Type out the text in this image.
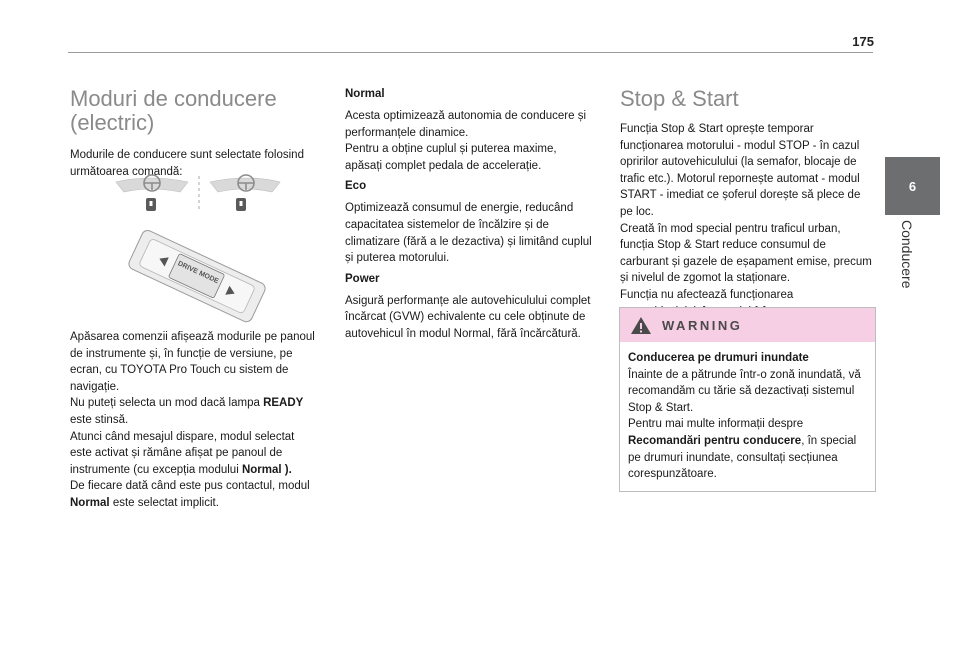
175
6
Conducere
Moduri de conducere (electric)

Modurile de conducere sunt selectate folosind următoarea comandă:

DRIVE MODE

Apăsarea comenzii afișează modurile pe panoul de instrumente și, în funcție de versiune, pe ecran, cu TOYOTA Pro Touch cu sistem de navigație.

Nu puteți selecta un mod dacă lampa READY este stinsă.

Atunci când mesajul dispare, modul selectat este activat și rămâne afișat pe panoul de instrumente (cu excepția modului Normal ).

De fiecare dată când este pus contactul, modul Normal este selectat implicit.

Normal

Acesta optimizează autonomia de conducere și performanțele dinamice.

Pentru a obține cuplul și puterea maxime, apăsați complet pedala de accelerație.

Eco

Optimizează consumul de energie, reducând capacitatea sistemelor de încălzire și de climatizare (fără a le dezactiva) și limitând cuplul și puterea motorului.

Power

Asigură performanțe ale autovehiculului complet încărcat (GVW) echivalente cu cele obținute de autovehicul în modul Normal, fără încărcătură.

Stop & Start

Funcția Stop & Start oprește temporar funcționarea motorului - modul STOP - în cazul opririlor autovehiculului (la semafor, blocaje de trafic etc.). Motorul repornește automat - modul START - imediat ce șoferul dorește să plece de pe loc.

Creată în mod special pentru traficul urban, funcția Stop & Start reduce consumul de carburant și gazele de eșapament emise, precum și nivelul de zgomot la staționare.

Funcția nu afectează funcționarea

WARNING

Conducerea pe drumuri inundate

Înainte de a pătrunde într-o zonă inundată, vă recomandăm cu tărie să dezactivați sistemul Stop & Start.

Pentru mai multe informații despre Recomandări pentru conducere, în special pe drumuri inundate, consultați secțiunea corespunzătoare.
